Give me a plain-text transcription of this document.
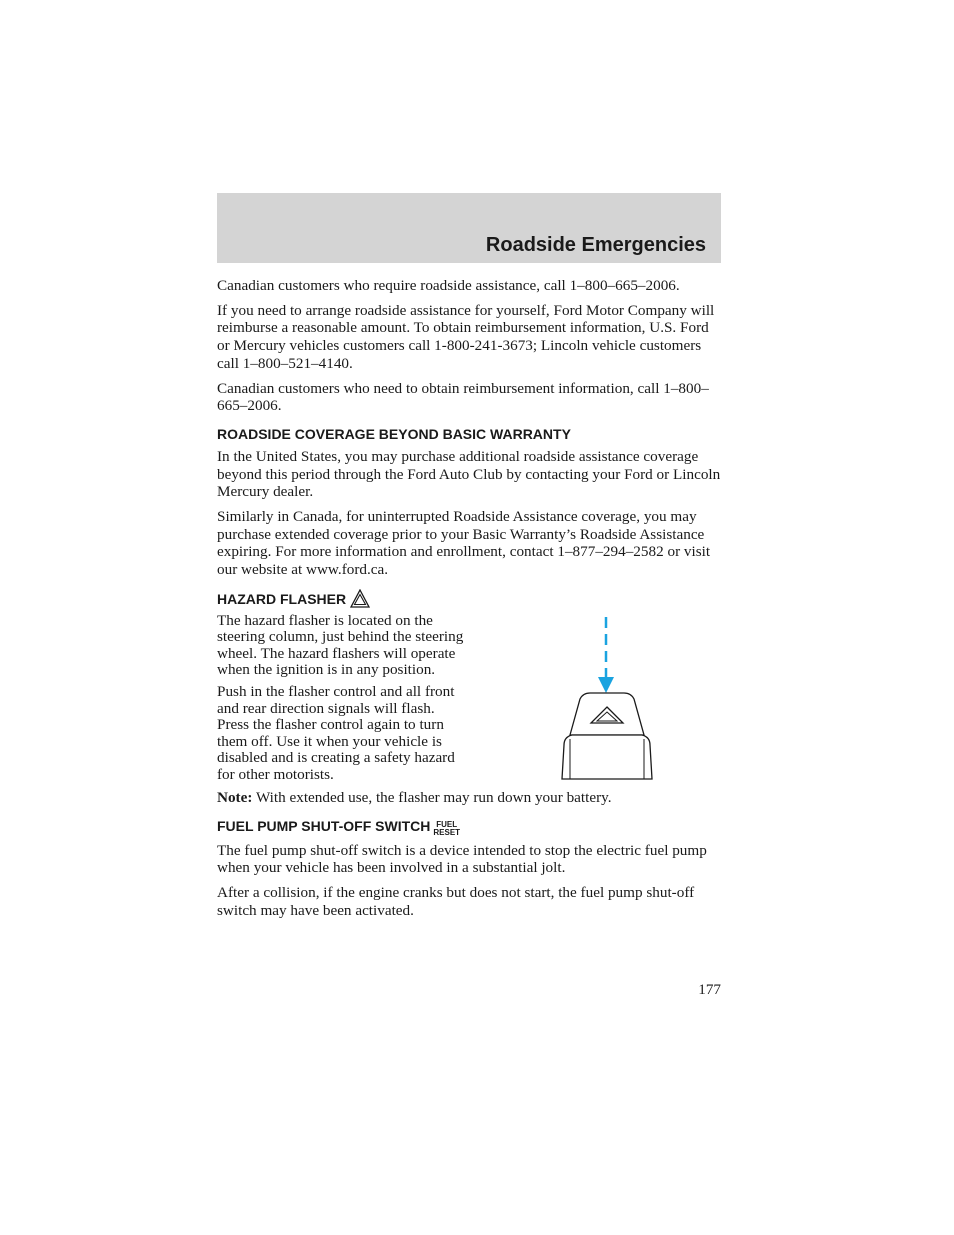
Roadside Emergencies

Canadian customers who require roadside assistance, call 1–800–665–2006.

If you need to arrange roadside assistance for yourself, Ford Motor Company will reimburse a reasonable amount. To obtain reimbursement information, U.S. Ford or Mercury vehicles customers call 1-800-241-3673; Lincoln vehicle customers call 1–800–521–4140.

Canadian customers who need to obtain reimbursement information, call 1–800–665–2006.

ROADSIDE COVERAGE BEYOND BASIC WARRANTY

In the United States, you may purchase additional roadside assistance coverage beyond this period through the Ford Auto Club by contacting your Ford or Lincoln Mercury dealer.

Similarly in Canada, for uninterrupted Roadside Assistance coverage, you may purchase extended coverage prior to your Basic Warranty’s Roadside Assistance expiring. For more information and enrollment, contact 1–877–294–2582 or visit our website at www.ford.ca.

HAZARD FLASHER

The hazard flasher is located on the steering column, just behind the steering wheel. The hazard flashers will operate when the ignition is in any position.

Push in the flasher control and all front and rear direction signals will flash. Press the flasher control again to turn them off. Use it when your vehicle is disabled and is creating a safety hazard for other motorists.

Note: With extended use, the flasher may run down your battery.

FUEL PUMP SHUT-OFF SWITCH FUEL
RESET

The fuel pump shut-off switch is a device intended to stop the electric fuel pump when your vehicle has been involved in a substantial jolt.

After a collision, if the engine cranks but does not start, the fuel pump shut-off switch may have been activated.

177
